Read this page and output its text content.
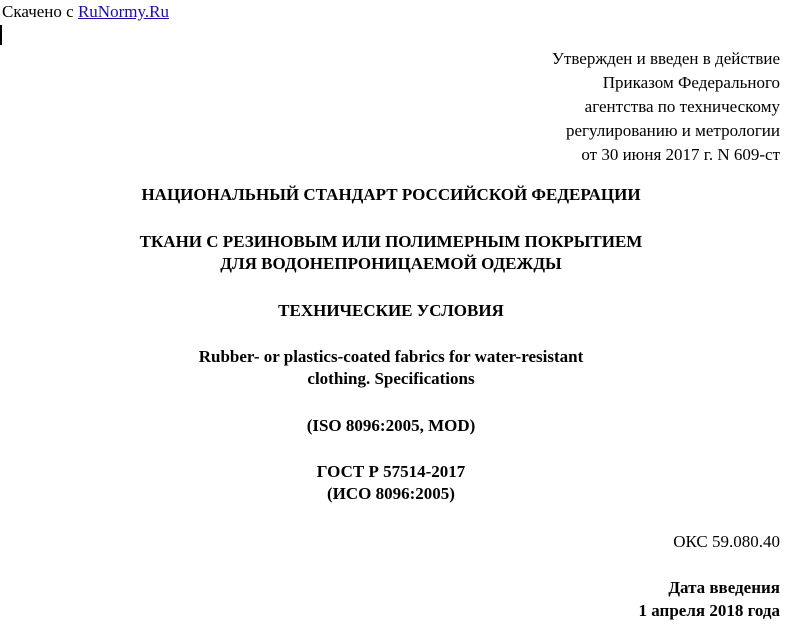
Скачено с RuNormy.Ru
Утвержден и введен в действие
Приказом Федерального
агентства по техническому
регулированию и метрологии
от 30 июня 2017 г. N 609-ст
НАЦИОНАЛЬНЫЙ СТАНДАРТ РОССИЙСКОЙ ФЕДЕРАЦИИ
ТКАНИ С РЕЗИНОВЫМ ИЛИ ПОЛИМЕРНЫМ ПОКРЫТИЕМ
ДЛЯ ВОДОНЕПРОНИЦАЕМОЙ ОДЕЖДЫ
ТЕХНИЧЕСКИЕ УСЛОВИЯ
Rubber- or plastics-coated fabrics for water-resistant
clothing. Specifications
(ISO 8096:2005, MOD)
ГОСТ Р 57514-2017
(ИСО 8096:2005)
ОКС 59.080.40
Дата введения
1 апреля 2018 года
